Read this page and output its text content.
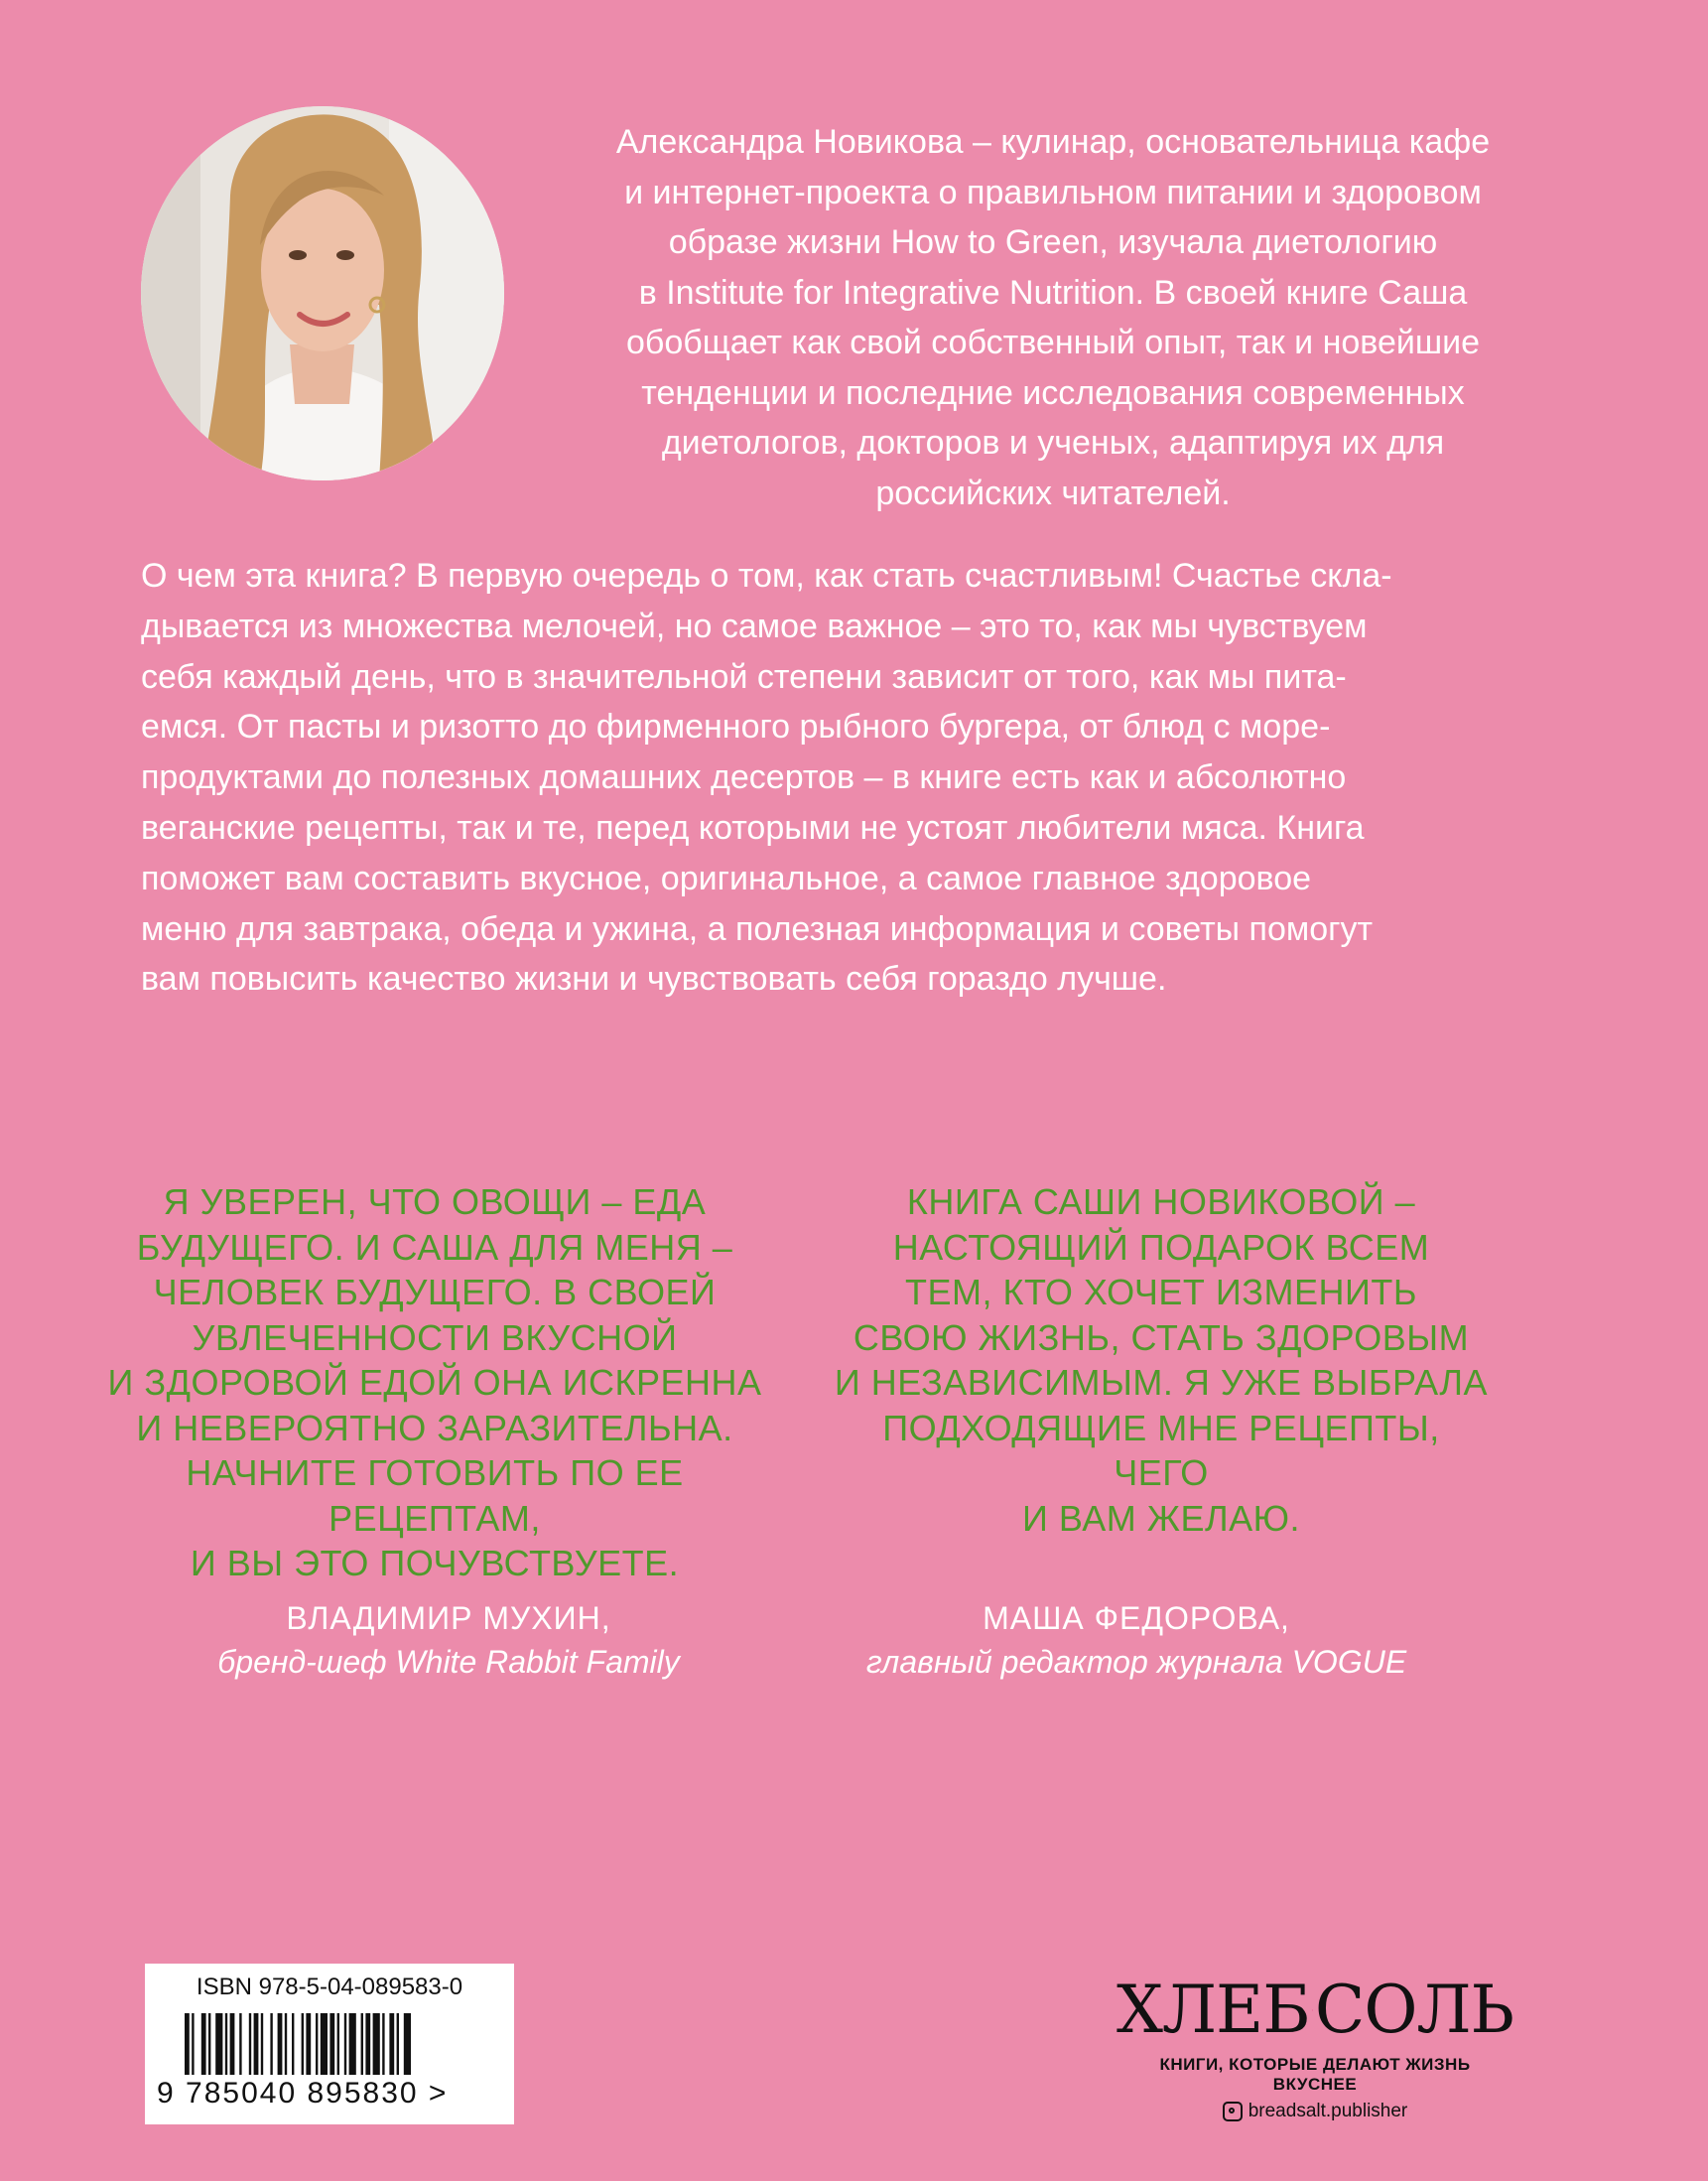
Александра Новикова – кулинар, основательница кафе
и интернет-проекта о правильном питании и здоровом
образе жизни How to Green, изучала диетологию
в Institute for Integrative Nutrition. В своей книге Саша
обобщает как свой собственный опыт, так и новейшие
тенденции и последние исследования современных
диетологов, докторов и ученых, адаптируя их для
российских читателей.

О чем эта книга? В первую очередь о том, как стать счастливым! Счастье скла-
дывается из множества мелочей, но самое важное – это то, как мы чувствуем
себя каждый день, что в значительной степени зависит от того, как мы пита-
емся. От пасты и ризотто до фирменного рыбного бургера, от блюд с море-
продуктами до полезных домашних десертов – в книге есть как и абсолютно
веганские рецепты, так и те, перед которыми не устоят любители мяса. Книга
поможет вам составить вкусное, оригинальное, а самое главное здоровое
меню для завтрака, обеда и ужина, а полезная информация и советы помогут
вам повысить качество жизни и чувствовать себя гораздо лучше.

Я УВЕРЕН, ЧТО ОВОЩИ – ЕДА
БУДУЩЕГО. И САША ДЛЯ МЕНЯ –
ЧЕЛОВЕК БУДУЩЕГО. В СВОЕЙ
УВЛЕЧЕННОСТИ ВКУСНОЙ
И ЗДОРОВОЙ ЕДОЙ ОНА ИСКРЕННА
И НЕВЕРОЯТНО ЗАРАЗИТЕЛЬНА.
НАЧНИТЕ ГОТОВИТЬ ПО ЕЕ РЕЦЕПТАМ,
И ВЫ ЭТО ПОЧУВСТВУЕТЕ.

КНИГА САШИ НОВИКОВОЙ –
НАСТОЯЩИЙ ПОДАРОК ВСЕМ
ТЕМ, КТО ХОЧЕТ ИЗМЕНИТЬ
СВОЮ ЖИЗНЬ, СТАТЬ ЗДОРОВЫМ
И НЕЗАВИСИМЫМ. Я УЖЕ ВЫБРАЛА
ПОДХОДЯЩИЕ МНЕ РЕЦЕПТЫ, ЧЕГО
И ВАМ ЖЕЛАЮ.

ВЛАДИМИР МУХИН,
бренд-шеф White Rabbit Family
МАША ФЕДОРОВА,
главный редактор журнала VOGUE
ISBN 978-5-04-089583-0
9 785040 895830 >
ХЛЕБ СОЛЬ
КНИГИ, КОТОРЫЕ ДЕЛАЮТ ЖИЗНЬ ВКУСНЕЕ
breadsalt.publisher
